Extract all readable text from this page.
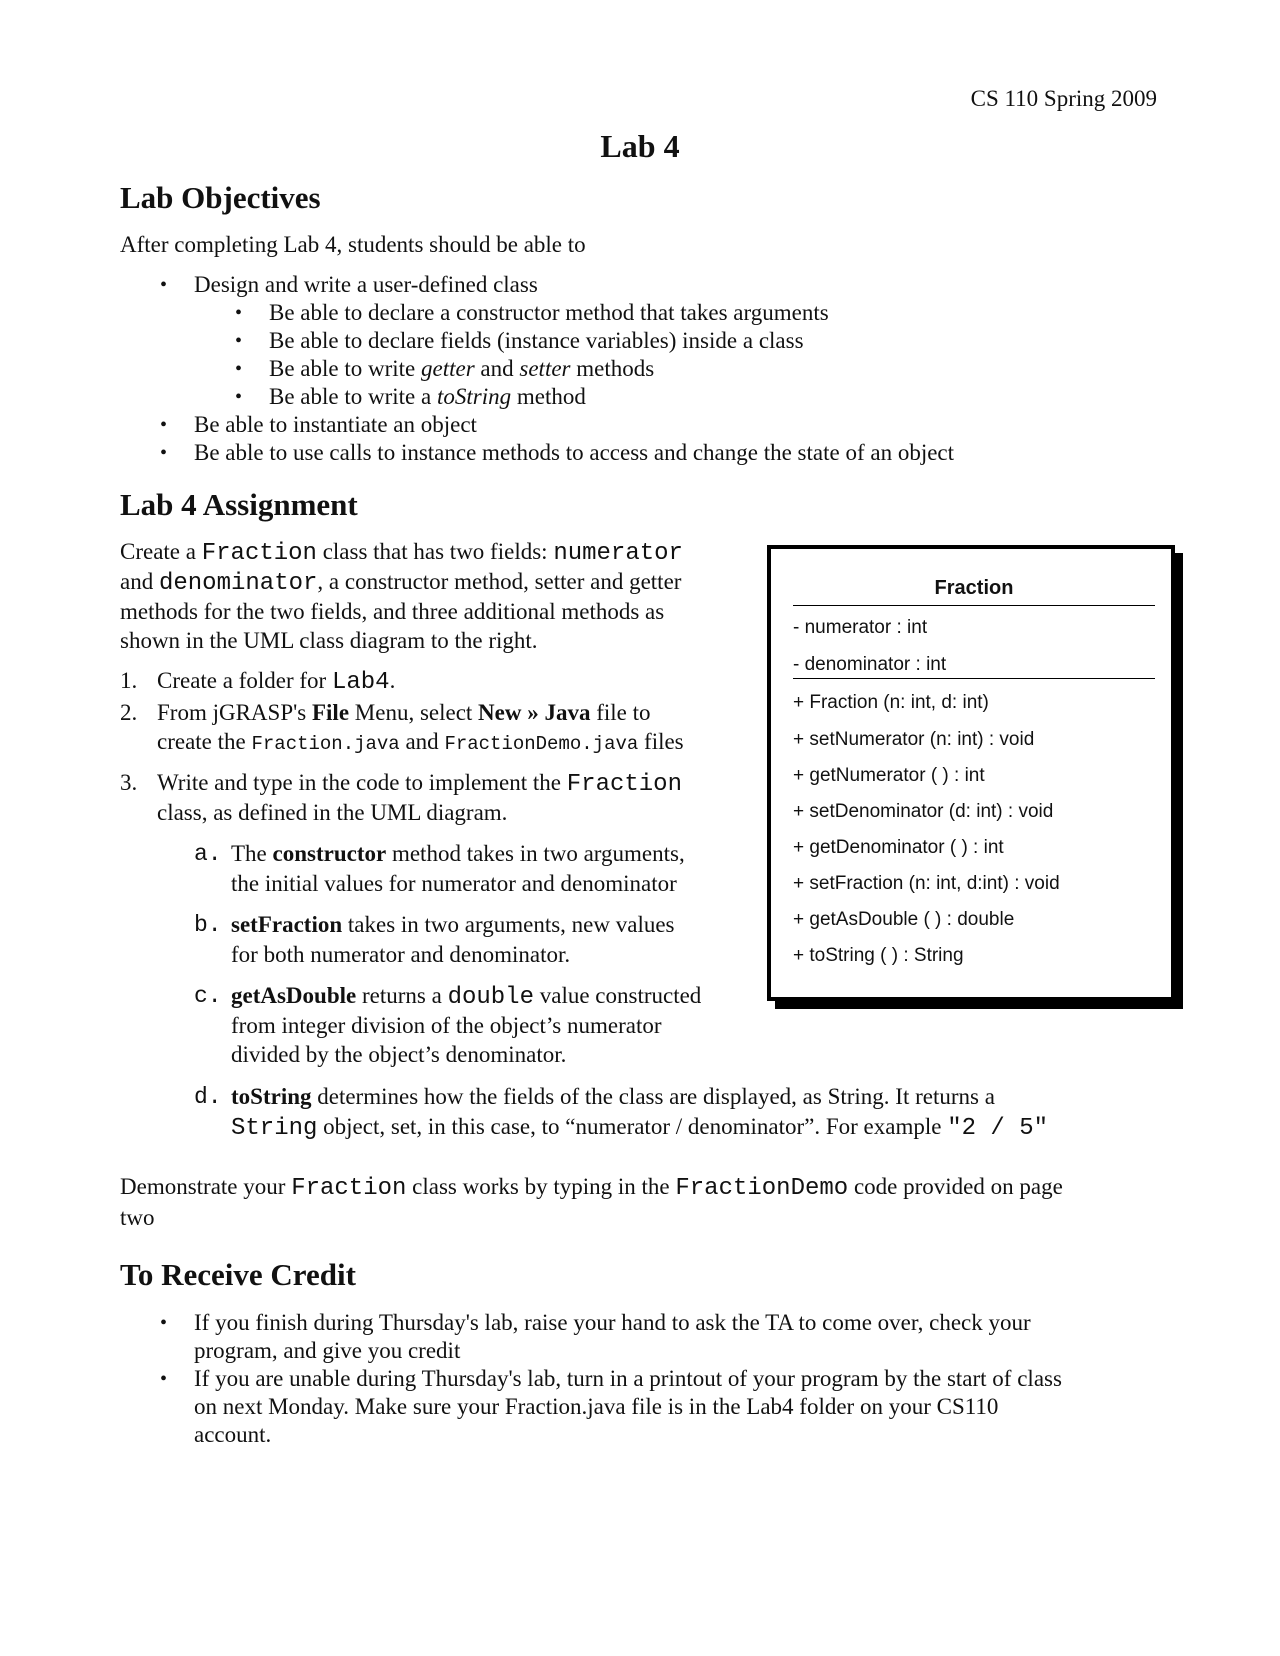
CS 110 Spring 2009
Lab 4
Lab Objectives
After completing Lab 4, students should be able to
• Design and write a user-defined class
• Be able to declare a constructor method that takes arguments
• Be able to declare fields (instance variables) inside a class
• Be able to write getter and setter methods
• Be able to write a toString method
• Be able to instantiate an object
• Be able to use calls to instance methods to access and change the state of an object
Lab 4 Assignment
Create a Fraction class that has two fields: numerator
and denominator, a constructor method, setter and getter
methods for the two fields, and three additional methods as
shown in the UML class diagram to the right.
1. Create a folder for Lab4.
2. From jGRASP's File Menu, select New » Java file to
create the Fraction.java and FractionDemo.java files
3. Write and type in the code to implement the Fraction
class, as defined in the UML diagram.
a. The constructor method takes in two arguments,
the initial values for numerator and denominator
b. setFraction takes in two arguments, new values
for both numerator and denominator.
c. getAsDouble returns a double value constructed
from integer division of the object’s numerator
divided by the object’s denominator.
d. toString determines how the fields of the class are displayed, as String. It returns a
String object, set, in this case, to “numerator / denominator”. For example "2 / 5"
Demonstrate your Fraction class works by typing in the FractionDemo code provided on page
two
Fraction
- numerator : int
- denominator : int
+ Fraction (n: int, d: int)
+ setNumerator (n: int) : void
+ getNumerator ( ) : int
+ setDenominator (d: int) : void
+ getDenominator ( ) : int
+ setFraction (n: int, d:int) : void
+ getAsDouble ( ) : double
+ toString ( ) : String
To Receive Credit
• If you finish during Thursday's lab, raise your hand to ask the TA to come over, check your
program, and give you credit
• If you are unable during Thursday's lab, turn in a printout of your program by the start of class
on next Monday. Make sure your Fraction.java file is in the Lab4 folder on your CS110
account.
